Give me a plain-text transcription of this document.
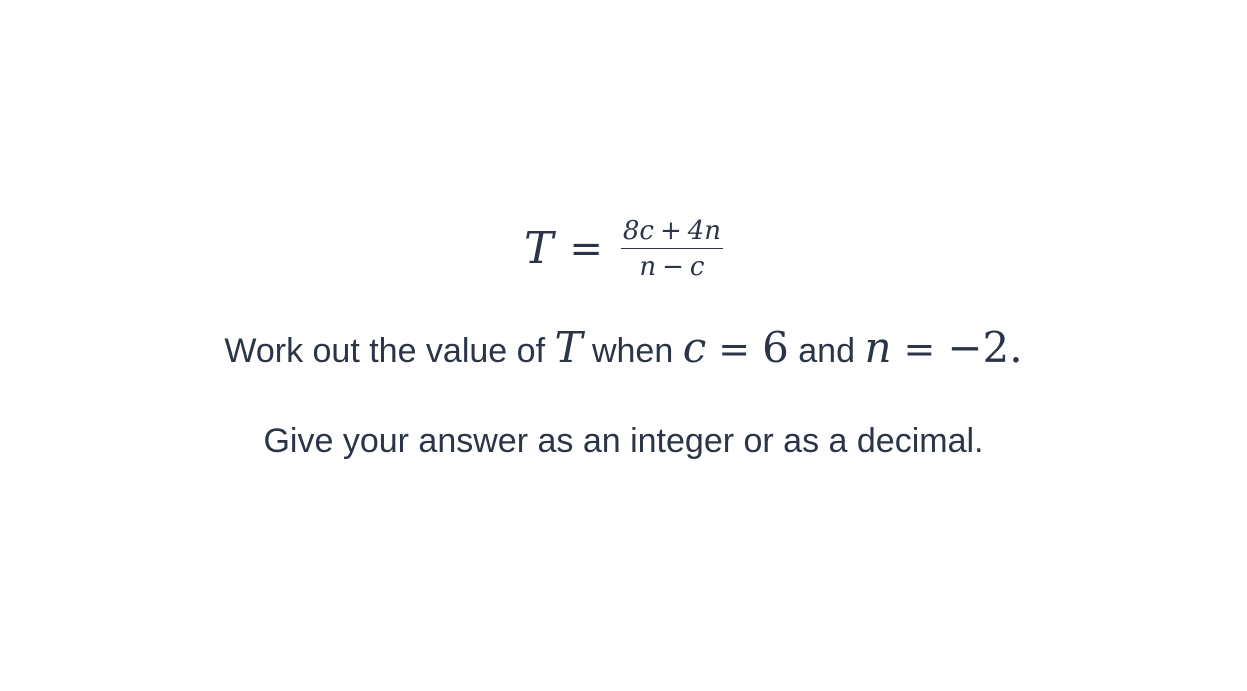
$T = \frac{8c + 4n}{n - c}$
Work out the value of T when c = 6 and n = −2.
Give your answer as an integer or as a decimal.
